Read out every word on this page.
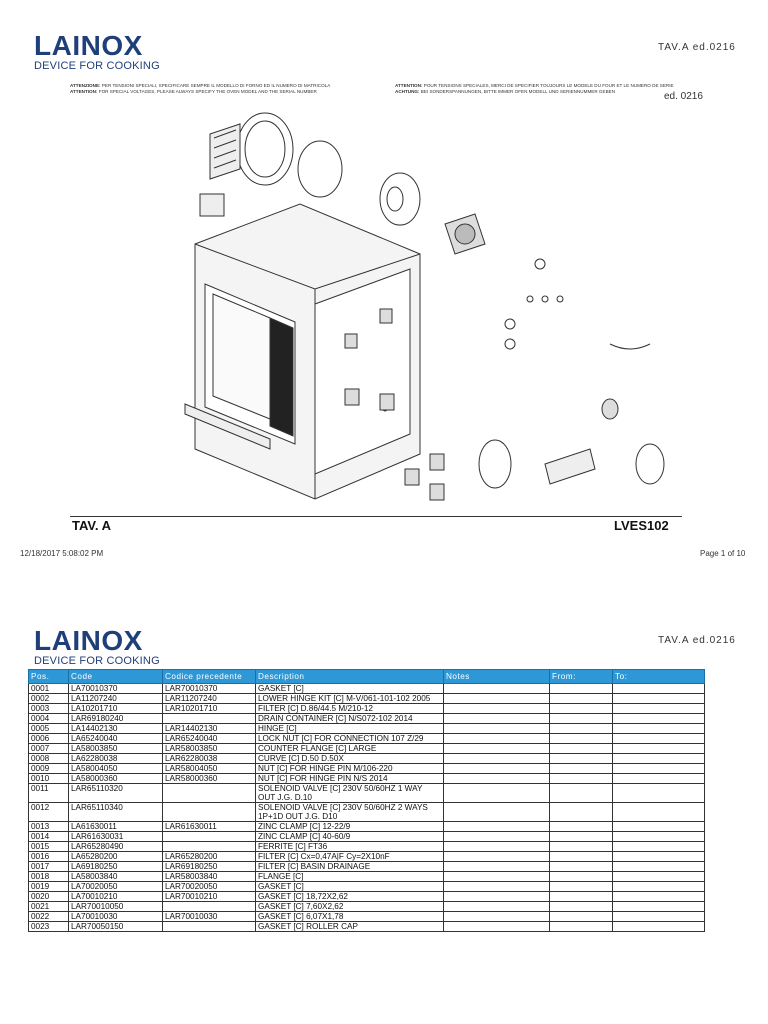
LAINOX
DEVICE FOR COOKING
TAV.A ed.0216
ATTENZIONE: PER TENSIONI SPECIALI, SPECIFICARE SEMPRE IL MODELLO DI FORNO ED IL NUMERO DI MATRICOLA
ATTENTION: FOR SPECIAL VOLTAGES, PLEASE ALWAYS SPECIFY THE OVEN MODEL AND THE SERIAL NUMBER
ATTENTION: POUR TENSIONS SPECIALES, MERCI DE SPECIFIER TOUJOURS LE MODELE DU FOUR ET LE NUMERO DE SERIE
ACHTUNG: BEI SONDERSPANNUNGEN, BITTE IMMER OFEN MODELL UND SERIENNUMMER GEBEN	ed. 0216
TAV. A	LVES102
12/18/2017 5:08:02 PM	Page 1 of 10
LAINOX
DEVICE FOR COOKING
TAV.A ed.0216
Pos.	Code	Codice precedente	Description	Notes	From:	To:
0001	LA70010370	LAR70010370	GASKET [C]			
0002	LA11207240	LAR11207240	LOWER HINGE KIT [C] M-V/061-101-102 2005			
0003	LA10201710	LAR10201710	FILTER [C] D.86/44.5 M/210-12			
0004	LAR69180240		DRAIN CONTAINER [C] N/S072-102 2014			
0005	LA14402130	LAR14402130	HINGE [C]			
0006	LA65240040	LAR65240040	LOCK NUT [C] FOR CONNECTION 107 Z/29			
0007	LA58003850	LAR58003850	COUNTER FLANGE [C] LARGE			
0008	LA62280038	LAR62280038	CURVE [C] D.50 D.50X			
0009	LA58004050	LAR58004050	NUT [C] FOR HINGE PIN M/106-220			
0010	LA58000360	LAR58000360	NUT [C] FOR HINGE PIN N/S 2014			
0011	LAR65110320		SOLENOID VALVE [C] 230V 50/60HZ 1 WAY OUT J.G. D.10			
0012	LAR65110340		SOLENOID VALVE [C] 230V 50/60HZ 2 WAYS 1P+1D OUT J.G. D10			
0013	LA61630011	LAR61630011	ZINC CLAMP [C] 12-22/9			
0014	LAR61630031		ZINC CLAMP [C] 40-60/9			
0015	LAR65280490		FERRITE [C] FT36			
0016	LA65280200	LAR65280200	FILTER [C] Cx=0,47A|F Cy=2X10nF			
0017	LA69180250	LAR69180250	FILTER [C] BASIN DRAINAGE			
0018	LA58003840	LAR58003840	FLANGE [C]			
0019	LA70020050	LAR70020050	GASKET [C]			
0020	LA70010210	LAR70010210	GASKET [C] 18,72X2,62			
0021	LAR70010050		GASKET [C] 7,60X2,62			
0022	LA70010030	LAR70010030	GASKET [C] 6,07X1,78			
0023	LAR70050150		GASKET [C] ROLLER CAP			
